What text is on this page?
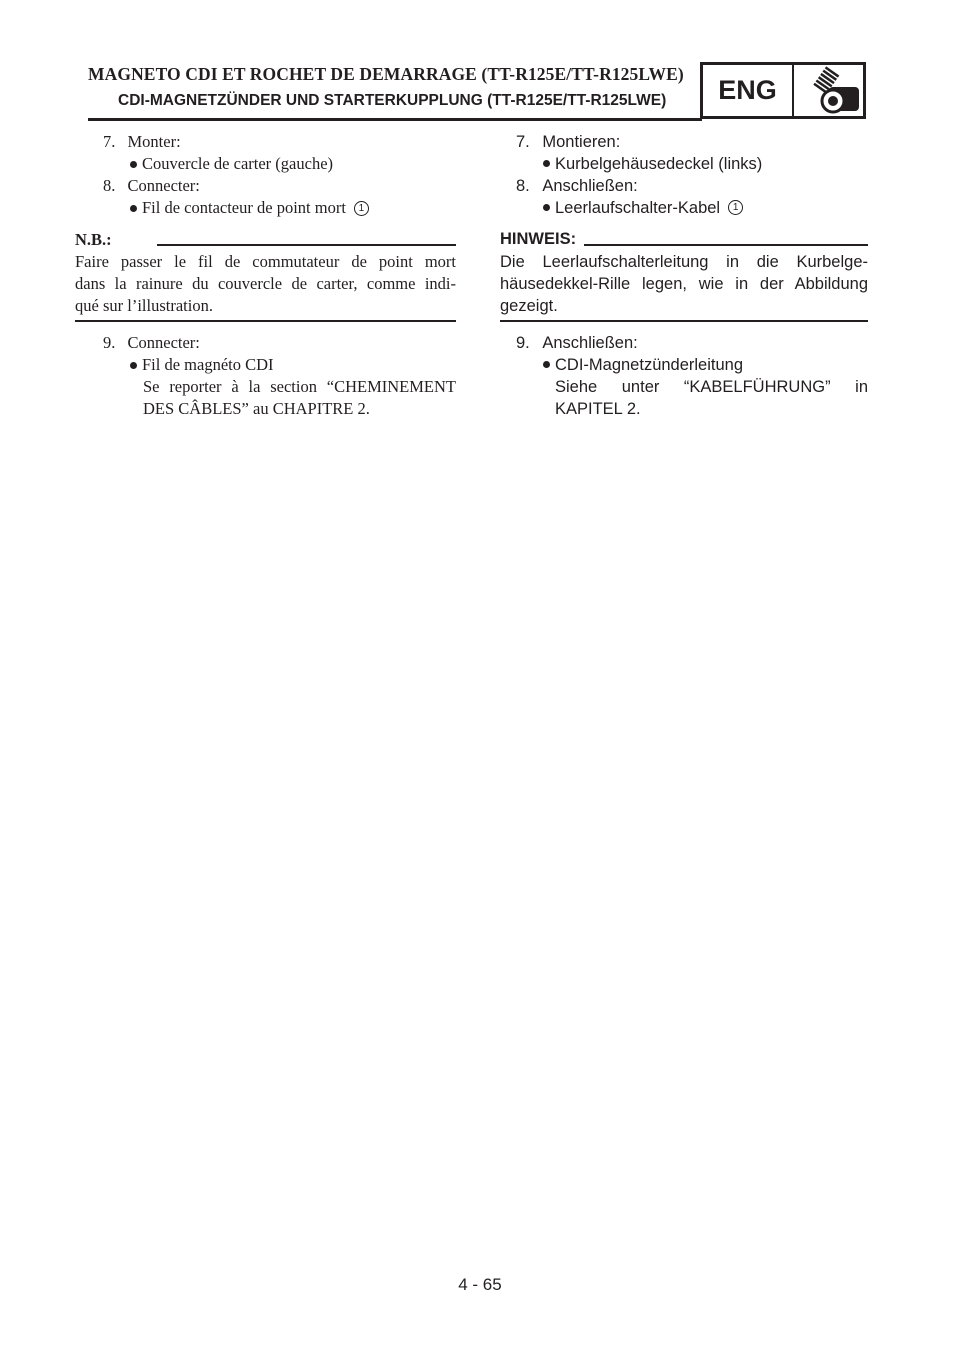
MAGNETO CDI ET ROCHET DE DEMARRAGE (TT-R125E/TT-R125LWE)
CDI-MAGNETZÜNDER UND STARTERKUPPLUNG (TT-R125E/TT-R125LWE)	ENG
7. Monter:
Couvercle de carter (gauche)
8. Connecter:
Fil de contacteur de point mort 1
N.B.:
Faire passer le fil de commutateur de point mort
dans la rainure du couvercle de carter, comme indi-
qué sur l’illustration.
9. Connecter:
Fil de magnéto CDI
Se reporter à la section “CHEMINEMENT
DES CÂBLES” au CHAPITRE 2.
7. Montieren:
Kurbelgehäusedeckel (links)
8. Anschließen:
Leerlaufschalter-Kabel 1
HINWEIS:
Die Leerlaufschalterleitung in die Kurbelge-
häusedekkel-Rille legen, wie in der Abbildung
gezeigt.
9. Anschließen:
CDI-Magnetzünderleitung
Siehe unter “KABELFÜHRUNG” in
KAPITEL 2.
4 - 65
